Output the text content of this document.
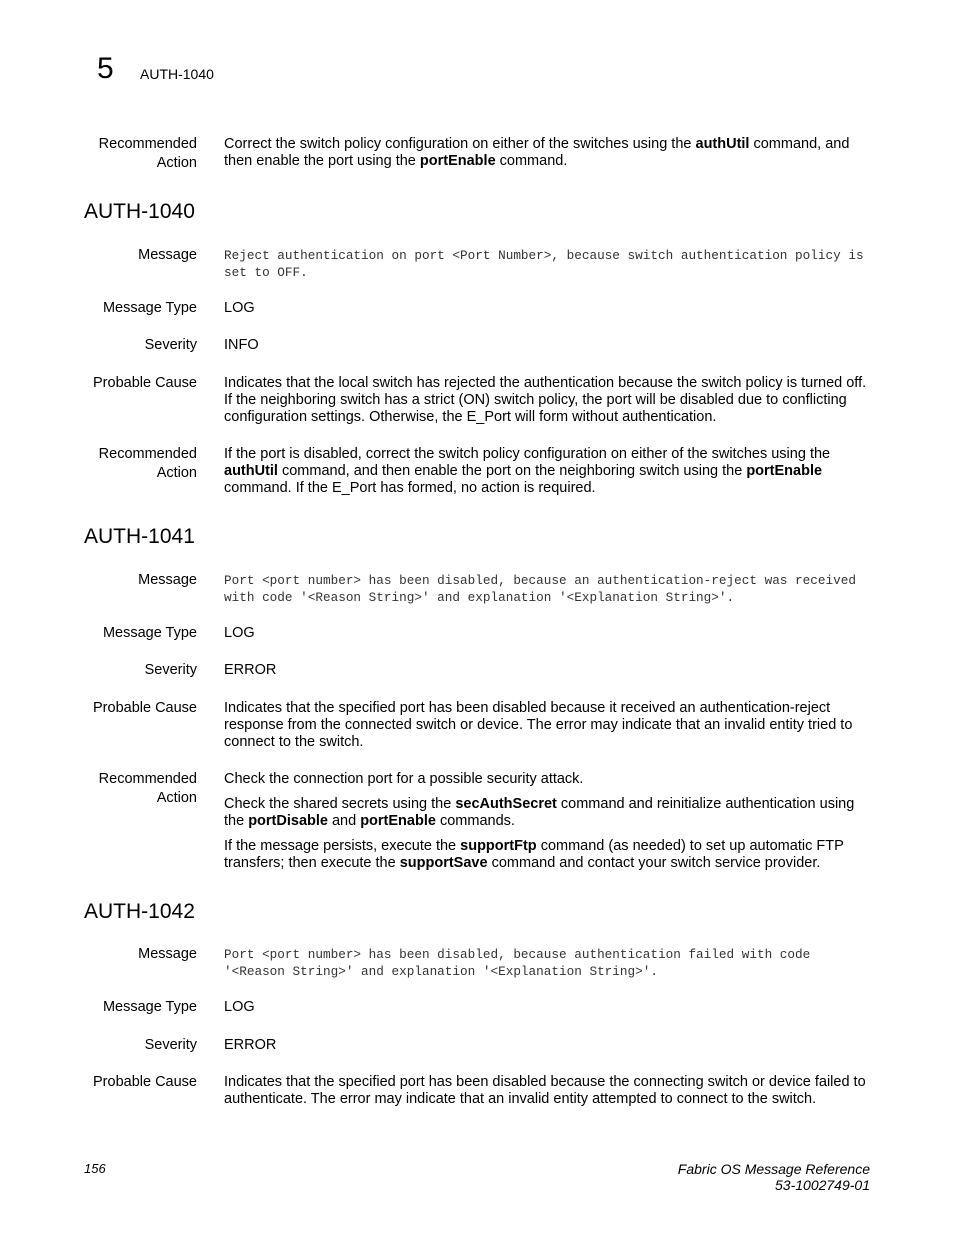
5 AUTH-1040
Recommended
Action
Correct the switch policy configuration on either of the switches using the authUtil command, and then enable the port using the portEnable command.
AUTH-1040
Message Reject authentication on port <Port Number>, because switch authentication policy is set to OFF.
Message Type LOG
Severity INFO
Probable Cause Indicates that the local switch has rejected the authentication because the switch policy is turned off. If the neighboring switch has a strict (ON) switch policy, the port will be disabled due to conflicting configuration settings. Otherwise, the E_Port will form without authentication.
Recommended
Action
If the port is disabled, correct the switch policy configuration on either of the switches using the authUtil command, and then enable the port on the neighboring switch using the portEnable command. If the E_Port has formed, no action is required.
AUTH-1041
Message Port <port number> has been disabled, because an authentication-reject was received with code '<Reason String>' and explanation '<Explanation String>'.
Message Type LOG
Severity ERROR
Probable Cause Indicates that the specified port has been disabled because it received an authentication-reject response from the connected switch or device. The error may indicate that an invalid entity tried to connect to the switch.
Recommended
Action
Check the connection port for a possible security attack.
Check the shared secrets using the secAuthSecret command and reinitialize authentication using the portDisable and portEnable commands.
If the message persists, execute the supportFtp command (as needed) to set up automatic FTP transfers; then execute the supportSave command and contact your switch service provider.
AUTH-1042
Message Port <port number> has been disabled, because authentication failed with code '<Reason String>' and explanation '<Explanation String>'.
Message Type LOG
Severity ERROR
Probable Cause Indicates that the specified port has been disabled because the connecting switch or device failed to authenticate. The error may indicate that an invalid entity attempted to connect to the switch.
156	Fabric OS Message Reference
53-1002749-01
